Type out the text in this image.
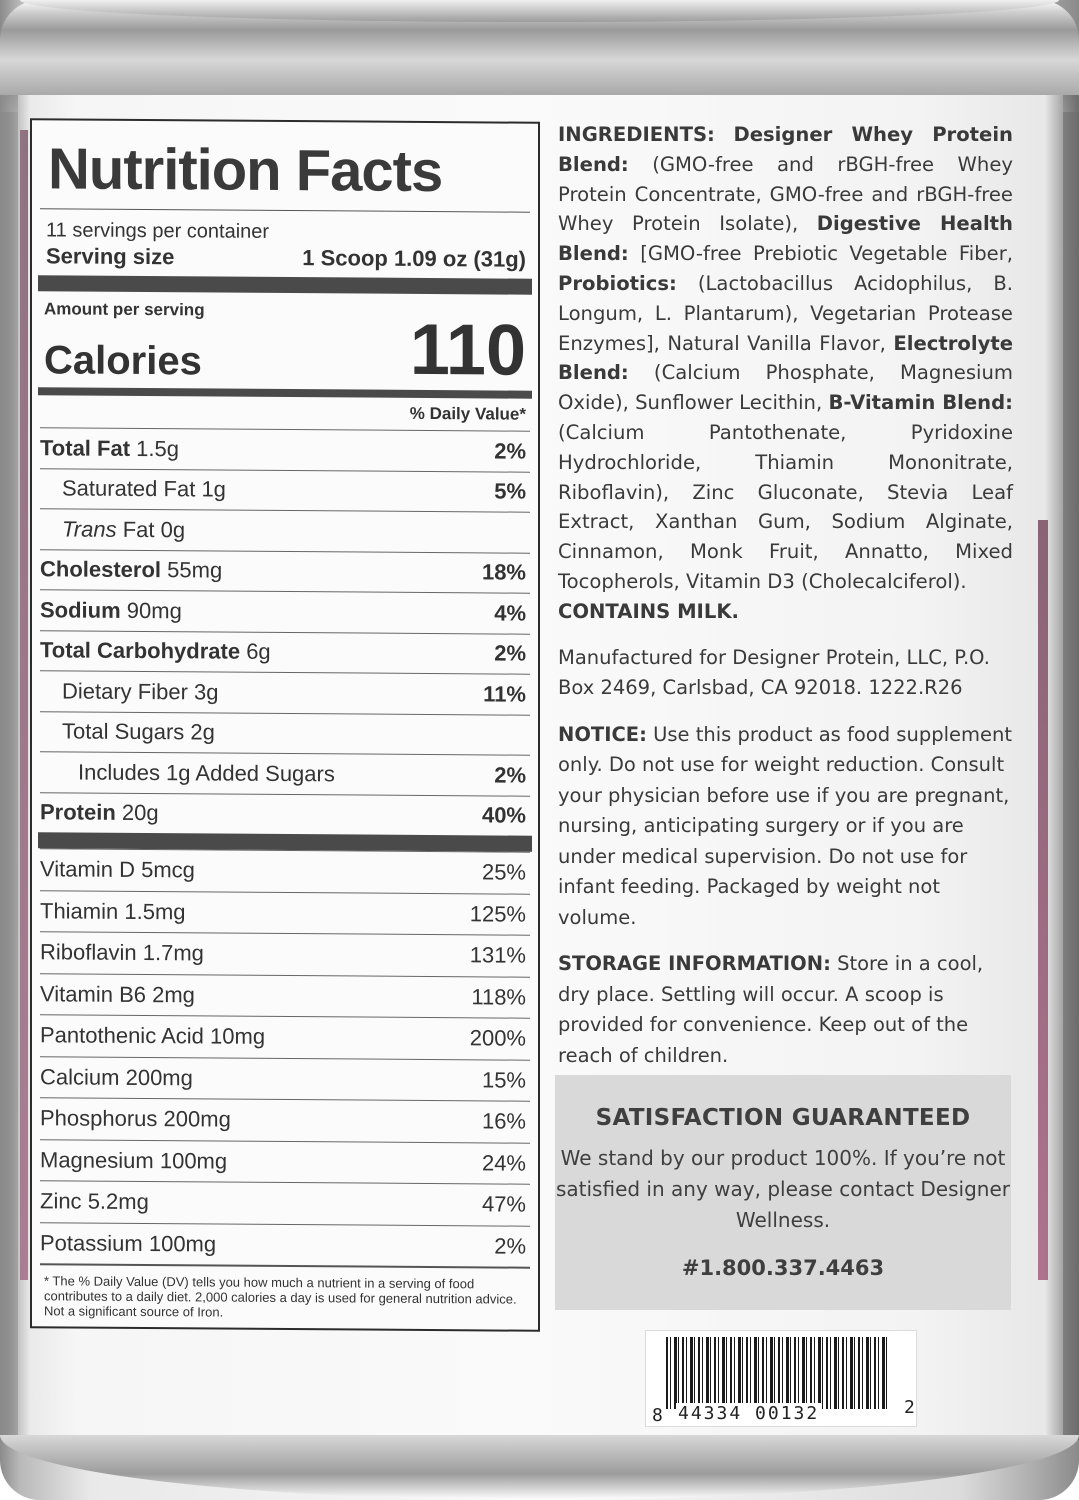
Nutrition Facts
11 servings per container
Serving size	1 Scoop 1.09 oz (31g)
Amount per serving
Calories	110
% Daily Value*
Total Fat 1.5g	2%
Saturated Fat 1g	5%
Trans Fat 0g
Cholesterol 55mg	18%
Sodium 90mg	4%
Total Carbohydrate 6g	2%
Dietary Fiber 3g	11%
Total Sugars 2g
Includes 1g Added Sugars	2%
Protein 20g	40%
Vitamin D 5mcg	25%
Thiamin 1.5mg	125%
Riboflavin 1.7mg	131%
Vitamin B6 2mg	118%
Pantothenic Acid 10mg	200%
Calcium 200mg	15%
Phosphorus 200mg	16%
Magnesium 100mg	24%
Zinc 5.2mg	47%
Potassium 100mg	2%
* The % Daily Value (DV) tells you how much a nutrient in a serving of food contributes to a daily diet. 2,000 calories a day is used for general nutrition advice. Not a significant source of Iron.
INGREDIENTS: Designer Whey Protein Blend: (GMO-free and rBGH-free Whey Protein Concentrate, GMO-free and rBGH-free Whey Protein Isolate), Digestive Health Blend: [GMO-free Prebiotic Vegetable Fiber, Probiotics: (Lactobacillus Acidophilus, B. Longum, L. Plantarum), Vegetarian Protease Enzymes], Natural Vanilla Flavor, Electrolyte Blend: (Calcium Phosphate, Magnesium Oxide), Sunflower Lecithin, B-Vitamin Blend: (Calcium Pantothenate, Pyridoxine Hydrochloride, Thiamin Mononitrate, Riboflavin), Zinc Gluconate, Stevia Leaf Extract, Xanthan Gum, Sodium Alginate, Cinnamon, Monk Fruit, Annatto, Mixed Tocopherols, Vitamin D3 (Cholecalciferol).
CONTAINS MILK.
Manufactured for Designer Protein, LLC, P.O. Box 2469, Carlsbad, CA 92018. 1222.R26
NOTICE: Use this product as food supplement only. Do not use for weight reduction. Consult your physician before use if you are pregnant, nursing, anticipating surgery or if you are under medical supervision. Do not use for infant feeding. Packaged by weight not volume.
STORAGE INFORMATION: Store in a cool, dry place. Settling will occur. A scoop is provided for convenience. Keep out of the reach of children.
SATISFACTION GUARANTEED
We stand by our product 100%. If you’re not satisfied in any way, please contact Designer Wellness.
#1.800.337.4463
8 44334 00132	2
